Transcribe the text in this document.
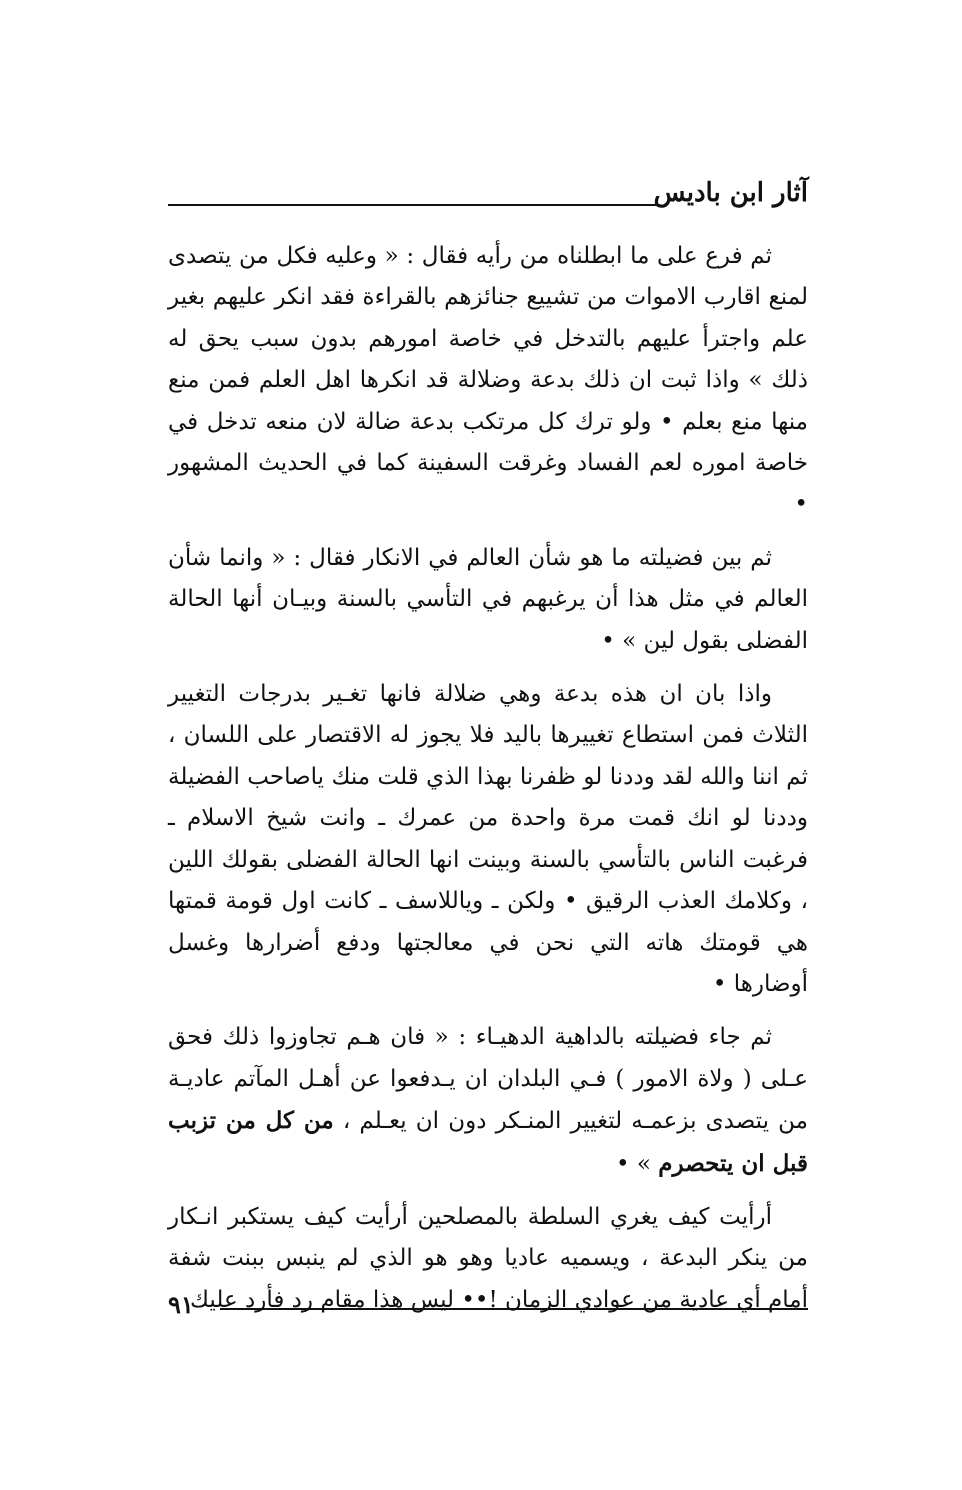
آثار ابن باديس

ثم فرع على ما ابطلناه من رأيه فقال : « وعليه فكل من يتصدى لمنع اقارب الاموات من تشييع جنائزهم بالقراءة فقد انكر عليهم بغير علم واجترأ عليهم بالتدخل في خاصة امورهم بدون سبب يحق له ذلك » واذا ثبت ان ذلك بدعة وضلالة قد انكرها اهل العلم فمن منع منها منع بعلم • ولو ترك كل مرتكب بدعة ضالة لان منعه تدخل في خاصة اموره لعم الفساد وغرقت السفينة كما في الحديث المشهور •

ثم بين فضيلته ما هو شأن العالم في الانكار فقال : « وانما شأن العالم في مثل هذا أن يرغبهم في التأسي بالسنة وبيـان أنها الحالة الفضلى بقول لين » •

واذا بان ان هذه بدعة وهي ضلالة فانها تغـير بدرجات التغيير الثلاث فمن استطاع تغييرها باليد فلا يجوز له الاقتصار على اللسان ، ثم اننا والله لقد وددنا لو ظفرنا بهذا الذي قلت منك ياصاحب الفضيلة وددنا لو انك قمت مرة واحدة من عمرك ـ وانت شيخ الاسلام ـ فرغبت الناس بالتأسي بالسنة وبينت انها الحالة الفضلى بقولك اللين ، وكلامك العذب الرقيق • ولكن ـ وياللاسف ـ كانت اول قومة قمتها هي قومتك هاته التي نحن في معالجتها ودفع أضرارها وغسل أوضارها •

ثم جاء فضيلته بالداهية الدهيـاء : « فان هـم تجاوزوا ذلك فحق عـلى ( ولاة الامور ) فـي البلدان ان يـدفعوا عن أهـل المآتم عاديـة من يتصدى بزعمـه لتغيير المنـكر دون ان يعـلم ، من كل من تزبب قبل ان يتحصرم » •

أرأيت كيف يغري السلطة بالمصلحين أرأيت كيف يستكبر انـكار من ينكر البدعة ، ويسميه عاديا وهو هو الذي لم ينبس ببنت شفة أمام أي عادية من عوادي الزمان !•• ليس هذا مقام رد فأرد عليك

٩١
